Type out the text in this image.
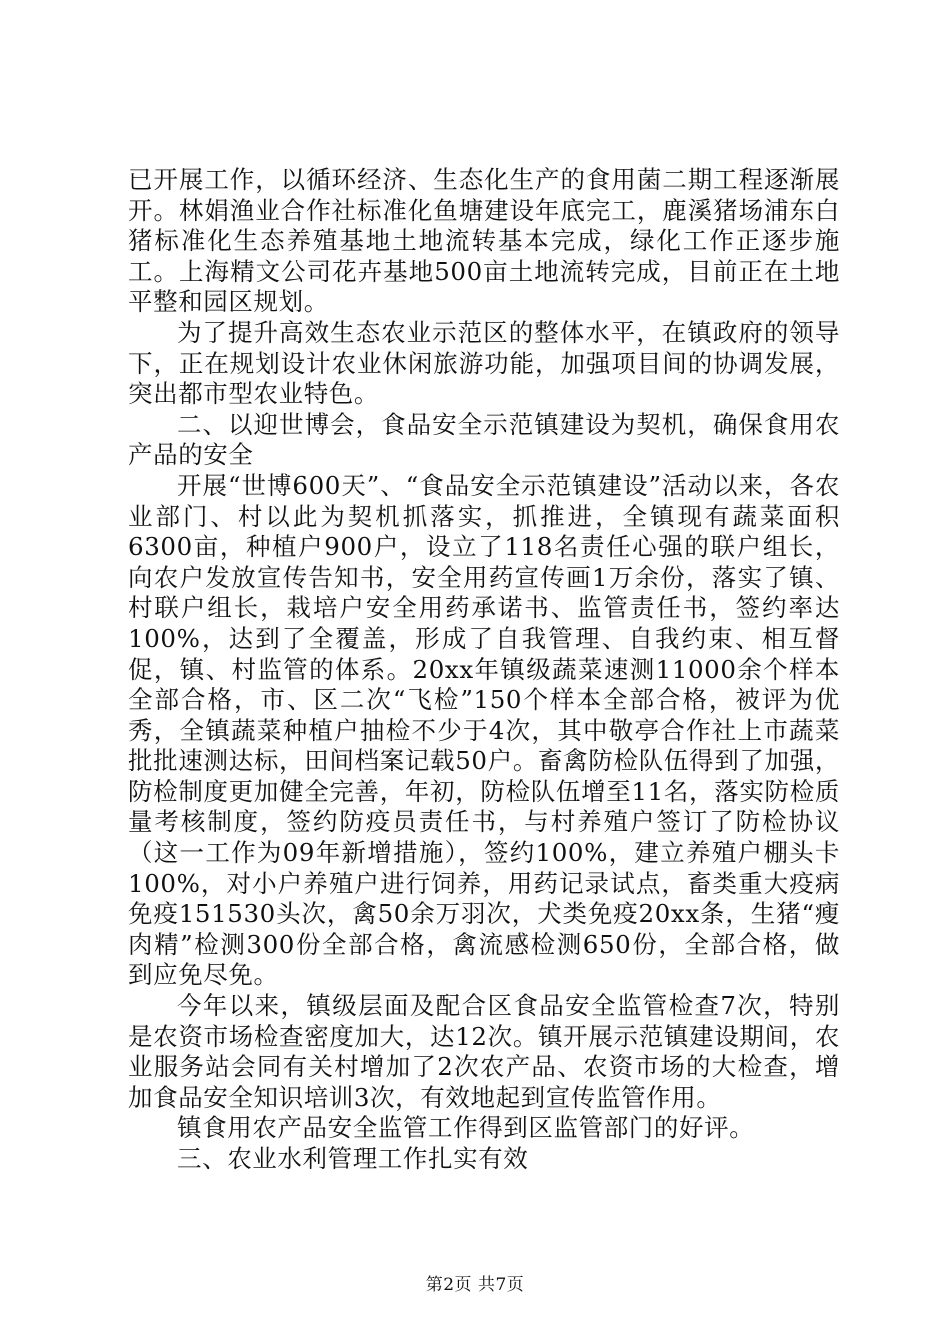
已开展工作，以循环经济、生态化生产的食用菌二期工程逐渐展开。林娟渔业合作社标准化鱼塘建设年底完工，鹿溪猪场浦东白猪标准化生态养殖基地土地流转基本完成，绿化工作正逐步施工。上海精文公司花卉基地500亩土地流转完成，目前正在土地平整和园区规划。

为了提升高效生态农业示范区的整体水平，在镇政府的领导下，正在规划设计农业休闲旅游功能，加强项目间的协调发展，突出都市型农业特色。

二、以迎世博会，食品安全示范镇建设为契机，确保食用农产品的安全

开展“世博600天”、“食品安全示范镇建设”活动以来，各农业部门、村以此为契机抓落实，抓推进，全镇现有蔬菜面积6300亩，种植户900户，设立了118名责任心强的联户组长，向农户发放宣传告知书，安全用药宣传画1万余份，落实了镇、村联户组长，栽培户安全用药承诺书、监管责任书，签约率达100%，达到了全覆盖，形成了自我管理、自我约束、相互督促，镇、村监管的体系。20xx年镇级蔬菜速测11000余个样本全部合格，市、区二次“飞检”150个样本全部合格，被评为优秀，全镇蔬菜种植户抽检不少于4次，其中敬亭合作社上市蔬菜批批速测达标，田间档案记载50户。畜禽防检队伍得到了加强，防检制度更加健全完善，年初，防检队伍增至11名，落实防检质量考核制度，签约防疫员责任书，与村养殖户签订了防检协议（这一工作为09年新增措施），签约100%，建立养殖户棚头卡100%，对小户养殖户进行饲养，用药记录试点，畜类重大疫病免疫151530头次，禽50余万羽次，犬类免疫20xx条，生猪“瘦肉精”检测300份全部合格，禽流感检测650份，全部合格，做到应免尽免。

今年以来，镇级层面及配合区食品安全监管检查7次，特别是农资市场检查密度加大，达12次。镇开展示范镇建设期间，农业服务站会同有关村增加了2次农产品、农资市场的大检查，增加食品安全知识培训3次，有效地起到宣传监管作用。

镇食用农产品安全监管工作得到区监管部门的好评。

三、农业水利管理工作扎实有效

第2页 共7页
